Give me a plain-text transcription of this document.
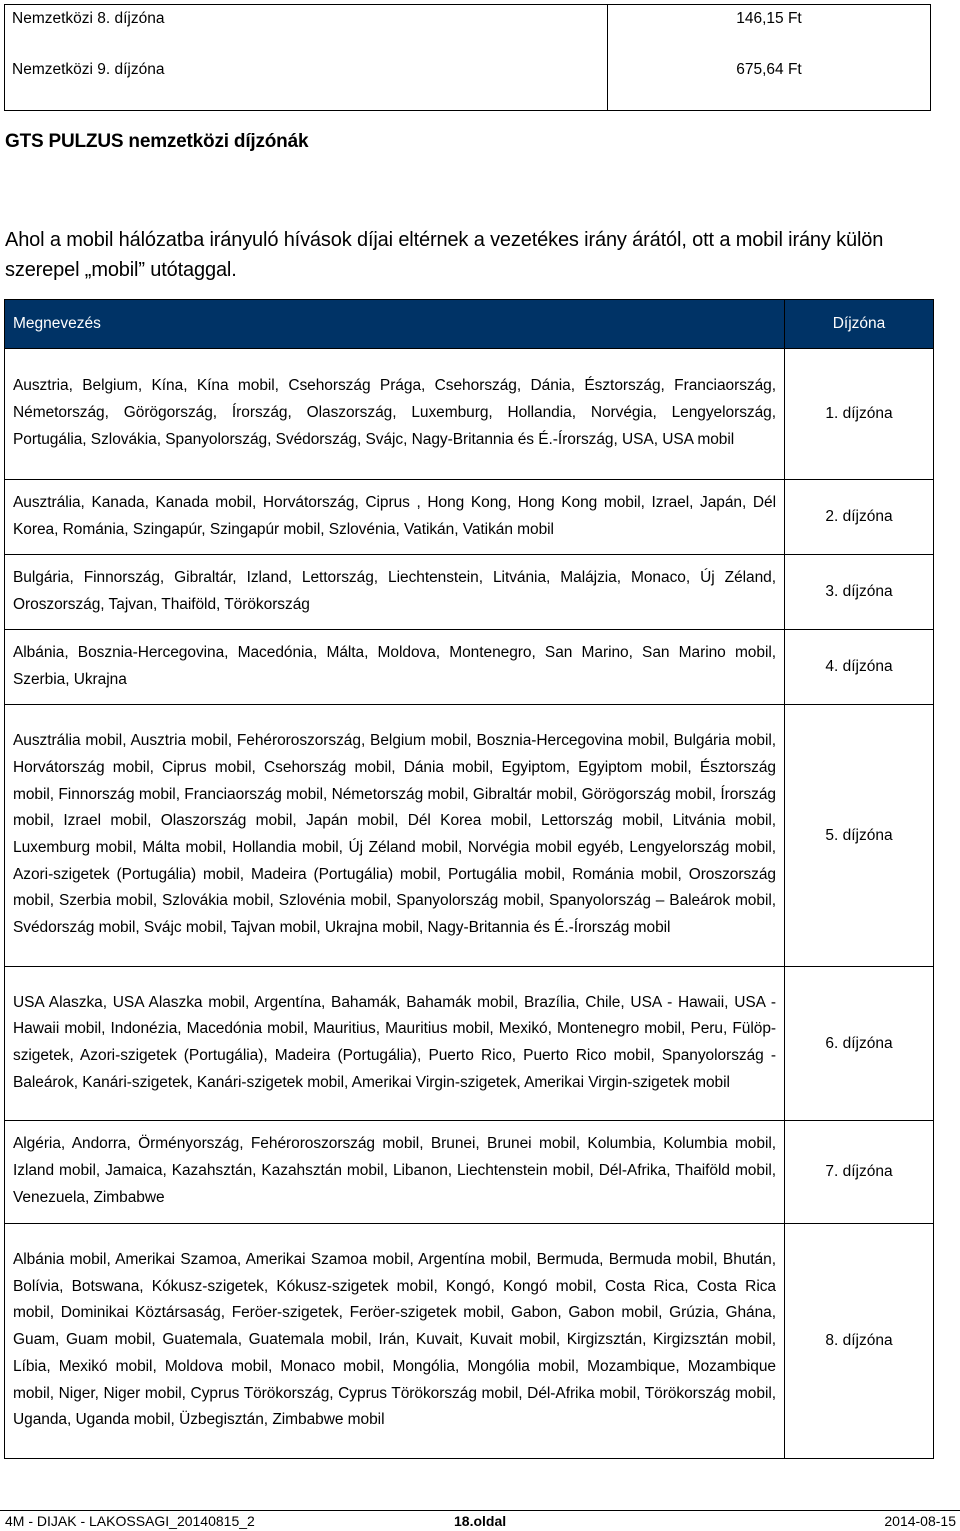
Nemzetközi 8. díjzóna	146,15 Ft
Nemzetközi 9. díjzóna	675,64 Ft
GTS PULZUS nemzetközi díjzónák
Ahol a mobil hálózatba irányuló hívások díjai eltérnek a vezetékes irány árától, ott a mobil irány külön szerepel „mobil” utótaggal.
Megnevezés	Díjzóna
Ausztria, Belgium, Kína, Kína mobil, Csehország Prága, Csehország, Dánia, Észtország, Franciaország, Németország, Görögország, Írország, Olaszország, Luxemburg, Hollandia, Norvégia, Lengyelország, Portugália, Szlovákia, Spanyolország, Svédország, Svájc, Nagy-Britannia és É.-Írország, USA, USA mobil	1. díjzóna
Ausztrália, Kanada, Kanada mobil, Horvátország, Ciprus , Hong Kong, Hong Kong mobil, Izrael, Japán, Dél Korea, Románia, Szingapúr, Szingapúr mobil, Szlovénia, Vatikán, Vatikán mobil	2. díjzóna
Bulgária, Finnország, Gibraltár, Izland, Lettország, Liechtenstein, Litvánia, Malájzia, Monaco, Új Zéland, Oroszország, Tajvan, Thaiföld, Törökország	3. díjzóna
Albánia, Bosznia-Hercegovina, Macedónia, Málta, Moldova, Montenegro, San Marino, San Marino mobil, Szerbia, Ukrajna	4. díjzóna
Ausztrália mobil, Ausztria mobil, Fehéroroszország, Belgium mobil, Bosznia-Hercegovina mobil, Bulgária mobil, Horvátország mobil, Ciprus mobil, Csehország mobil, Dánia mobil, Egyiptom, Egyiptom mobil, Észtország mobil, Finnország mobil, Franciaország mobil, Németország mobil, Gibraltár mobil, Görögország mobil, Írország mobil, Izrael mobil, Olaszország mobil, Japán mobil, Dél Korea mobil, Lettország mobil, Litvánia mobil, Luxemburg mobil, Málta mobil, Hollandia mobil, Új Zéland mobil, Norvégia mobil egyéb, Lengyelország mobil, Azori-szigetek (Portugália) mobil, Madeira (Portugália) mobil, Portugália mobil, Románia mobil, Oroszország mobil, Szerbia mobil, Szlovákia mobil, Szlovénia mobil, Spanyolország mobil, Spanyolország – Baleárok mobil, Svédország mobil, Svájc mobil, Tajvan mobil, Ukrajna mobil, Nagy-Britannia és É.-Írország mobil	5. díjzóna
USA Alaszka, USA Alaszka mobil, Argentína, Bahamák, Bahamák mobil, Brazília, Chile, USA - Hawaii, USA - Hawaii mobil, Indonézia, Macedónia mobil, Mauritius, Mauritius mobil, Mexikó, Montenegro mobil, Peru, Fülöp-szigetek, Azori-szigetek (Portugália), Madeira (Portugália), Puerto Rico, Puerto Rico mobil, Spanyolország - Baleárok, Kanári-szigetek, Kanári-szigetek mobil, Amerikai Virgin-szigetek, Amerikai Virgin-szigetek mobil	6. díjzóna
Algéria, Andorra, Örményország, Fehéroroszország mobil, Brunei, Brunei mobil, Kolumbia, Kolumbia mobil, Izland mobil, Jamaica, Kazahsztán, Kazahsztán mobil, Libanon, Liechtenstein mobil, Dél-Afrika, Thaiföld mobil, Venezuela, Zimbabwe	7. díjzóna
Albánia mobil, Amerikai Szamoa, Amerikai Szamoa mobil, Argentína mobil, Bermuda, Bermuda mobil, Bhután, Bolívia, Botswana, Kókusz-szigetek, Kókusz-szigetek mobil, Kongó, Kongó mobil, Costa Rica, Costa Rica mobil, Dominikai Köztársaság, Feröer-szigetek, Feröer-szigetek mobil, Gabon, Gabon mobil, Grúzia, Ghána, Guam, Guam mobil, Guatemala, Guatemala mobil, Irán, Kuvait, Kuvait mobil, Kirgizsztán, Kirgizsztán mobil, Líbia, Mexikó mobil, Moldova mobil, Monaco mobil, Mongólia, Mongólia mobil, Mozambique, Mozambique mobil, Niger, Niger mobil, Cyprus Törökország, Cyprus Törökország mobil, Dél-Afrika mobil, Törökország mobil, Uganda, Uganda mobil, Üzbegisztán, Zimbabwe mobil	8. díjzóna
4M - DIJAK - LAKOSSAGI_20140815_2	18.oldal	2014-08-15
